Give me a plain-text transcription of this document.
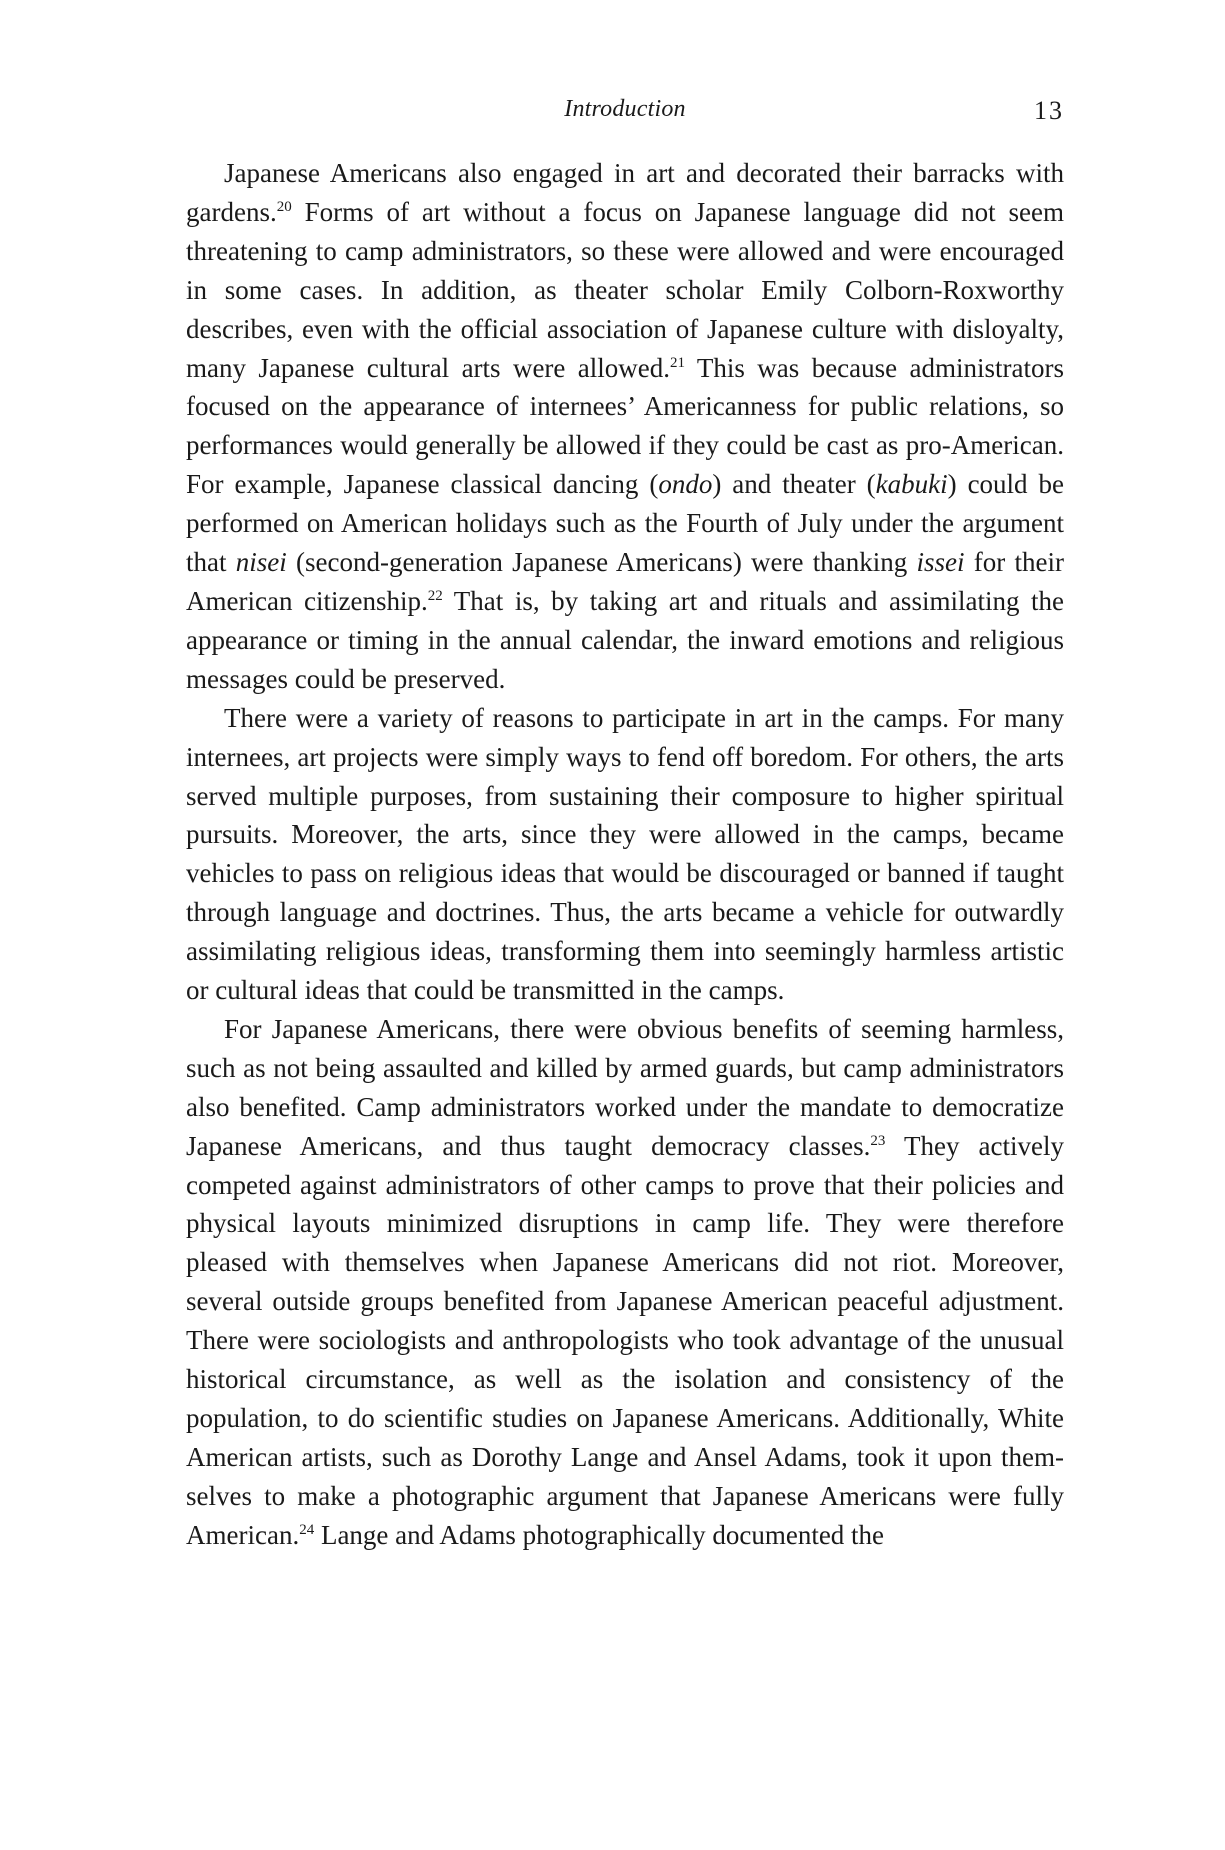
Introduction	13

Japanese Americans also engaged in art and decorated their barracks with gardens.$^{20}$ Forms of art without a focus on Japanese language did not seem threatening to camp administrators, so these were allowed and were encouraged in some cases. In addition, as theater scholar Emily Colborn-Roxworthy describes, even with the official association of Japanese culture with disloyalty, many Japanese cultural arts were allowed.$^{21}$ This was because administrators focused on the appearance of internees’ Americanness for public relations, so performances would generally be allowed if they could be cast as pro-American. For example, Japanese classical dancing (ondo) and theater (kabuki) could be performed on American holidays such as the Fourth of July under the argument that nisei (second-generation Japanese Americans) were thanking issei for their American citizenship.$^{22}$ That is, by taking art and rituals and assimilating the appearance or timing in the annual calendar, the inward emotions and religious messages could be preserved.

There were a variety of reasons to participate in art in the camps. For many internees, art projects were simply ways to fend off boredom. For others, the arts served multiple purposes, from sustaining their composure to higher spiritual pursuits. Moreover, the arts, since they were allowed in the camps, became vehicles to pass on religious ideas that would be discouraged or banned if taught through language and doctrines. Thus, the arts became a vehicle for outwardly assimilating religious ideas, transforming them into seemingly harmless artistic or cultural ideas that could be transmitted in the camps.

For Japanese Americans, there were obvious benefits of seeming harmless, such as not being assaulted and killed by armed guards, but camp administrators also benefited. Camp administrators worked under the mandate to democratize Japanese Americans, and thus taught democracy classes.$^{23}$ They actively competed against administrators of other camps to prove that their policies and physical layouts minimized disruptions in camp life. They were therefore pleased with themselves when Japanese Americans did not riot. Moreover, several outside groups benefited from Japanese American peaceful adjustment. There were sociologists and anthropologists who took advantage of the unusual historical circumstance, as well as the isolation and consistency of the population, to do scientific studies on Japanese Americans. Additionally, White American artists, such as Dorothy Lange and Ansel Adams, took it upon themselves to make a photographic argument that Japanese Americans were fully American.$^{24}$ Lange and Adams photographically documented the
